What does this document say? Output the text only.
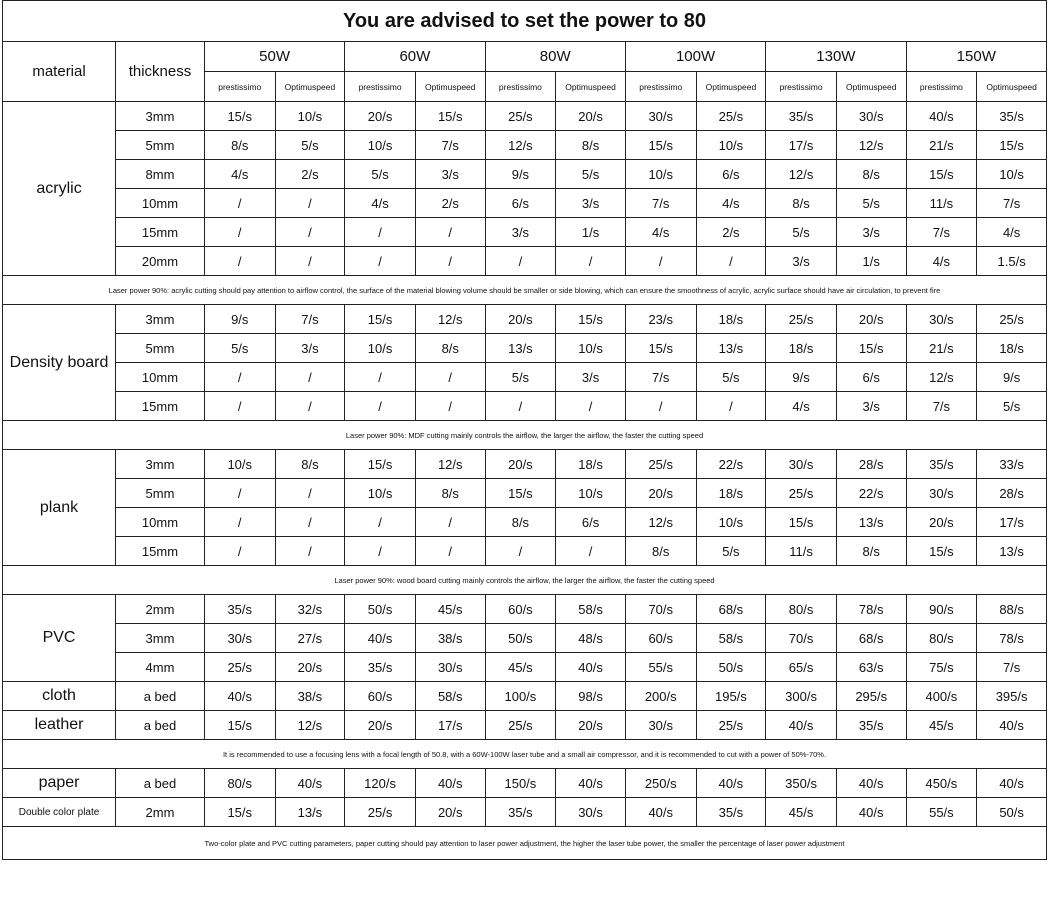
You are advised to set the power to 80													
material	thickness	50W		60W		80W		100W		130W		150W	
		prestissimo	Optimuspeed	prestissimo	Optimuspeed	prestissimo	Optimuspeed	prestissimo	Optimuspeed	prestissimo	Optimuspeed	prestissimo	Optimuspeed
acrylic	3mm	15/s	10/s	20/s	15/s	25/s	20/s	30/s	25/s	35/s	30/s	40/s	35/s
	5mm	8/s	5/s	10/s	7/s	12/s	8/s	15/s	10/s	17/s	12/s	21/s	15/s
	8mm	4/s	2/s	5/s	3/s	9/s	5/s	10/s	6/s	12/s	8/s	15/s	10/s
	10mm	/	/	4/s	2/s	6/s	3/s	7/s	4/s	8/s	5/s	11/s	7/s
	15mm	/	/	/	/	3/s	1/s	4/s	2/s	5/s	3/s	7/s	4/s
	20mm	/	/	/	/	/	/	/	/	3/s	1/s	4/s	1.5/s
Laser power 90%: acrylic cutting should pay attention to airflow control, the surface of the material blowing volume should be smaller or side blowing, which can ensure the smoothness of acrylic, acrylic surface should have air circulation, to prevent fire													
Density board	3mm	9/s	7/s	15/s	12/s	20/s	15/s	23/s	18/s	25/s	20/s	30/s	25/s
	5mm	5/s	3/s	10/s	8/s	13/s	10/s	15/s	13/s	18/s	15/s	21/s	18/s
	10mm	/	/	/	/	5/s	3/s	7/s	5/s	9/s	6/s	12/s	9/s
	15mm	/	/	/	/	/	/	/	/	4/s	3/s	7/s	5/s
Laser power 90%: MDF cutting mainly controls the airflow, the larger the airflow, the faster the cutting speed													
plank	3mm	10/s	8/s	15/s	12/s	20/s	18/s	25/s	22/s	30/s	28/s	35/s	33/s
	5mm	/	/	10/s	8/s	15/s	10/s	20/s	18/s	25/s	22/s	30/s	28/s
	10mm	/	/	/	/	8/s	6/s	12/s	10/s	15/s	13/s	20/s	17/s
	15mm	/	/	/	/	/	/	8/s	5/s	11/s	8/s	15/s	13/s
Laser power 90%: wood board cutting mainly controls the airflow, the larger the airflow, the faster the cutting speed													
PVC	2mm	35/s	32/s	50/s	45/s	60/s	58/s	70/s	68/s	80/s	78/s	90/s	88/s
	3mm	30/s	27/s	40/s	38/s	50/s	48/s	60/s	58/s	70/s	68/s	80/s	78/s
	4mm	25/s	20/s	35/s	30/s	45/s	40/s	55/s	50/s	65/s	63/s	75/s	7/s
cloth	a bed	40/s	38/s	60/s	58/s	100/s	98/s	200/s	195/s	300/s	295/s	400/s	395/s
leather	a bed	15/s	12/s	20/s	17/s	25/s	20/s	30/s	25/s	40/s	35/s	45/s	40/s
It is recommended to use a focusing lens with a focal length of 50.8, with a 60W-100W laser tube and a small air compressor, and it is recommended to cut with a power of 50%-70%.													
paper	a bed	80/s	40/s	120/s	40/s	150/s	40/s	250/s	40/s	350/s	40/s	450/s	40/s
Double color plate	2mm	15/s	13/s	25/s	20/s	35/s	30/s	40/s	35/s	45/s	40/s	55/s	50/s
Two-color plate and PVC cutting parameters, paper cutting should pay attention to laser power adjustment, the higher the laser tube power, the smaller the percentage of laser power adjustment													
